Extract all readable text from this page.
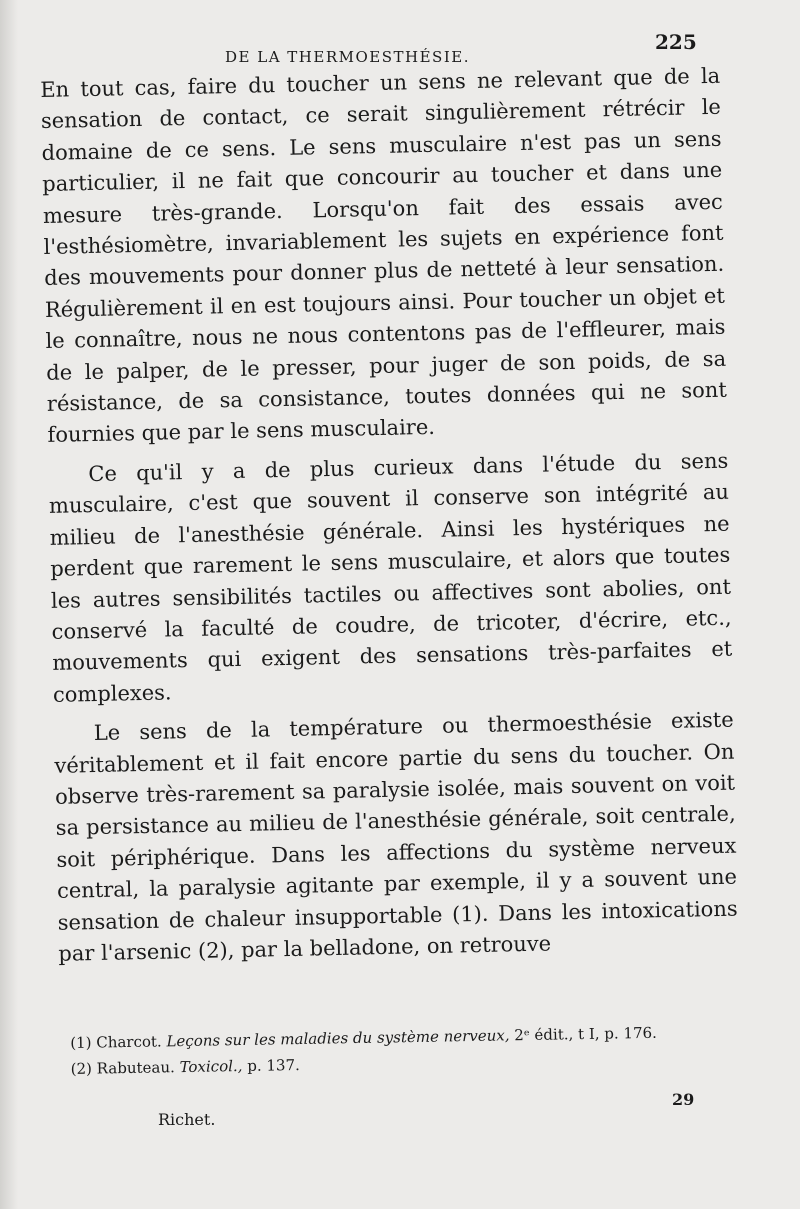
DE LA THERMOESTHÉSIE.
225

En tout cas, faire du toucher un sens ne relevant que de la sensation de contact, ce serait singulièrement rétrécir le domaine de ce sens. Le sens musculaire n'est pas un sens particulier, il ne fait que concourir au toucher et dans une mesure très-grande. Lorsqu'on fait des essais avec l'esthésiomètre, invariablement les sujets en expérience font des mouvements pour donner plus de netteté à leur sensation. Régulièrement il en est toujours ainsi. Pour toucher un objet et le connaître, nous ne nous contentons pas de l'effleurer, mais de le palper, de le presser, pour juger de son poids, de sa résistance, de sa consistance, toutes données qui ne sont fournies que par le sens musculaire.

Ce qu'il y a de plus curieux dans l'étude du sens musculaire, c'est que souvent il conserve son intégrité au milieu de l'anesthésie générale. Ainsi les hystériques ne perdent que rarement le sens musculaire, et alors que toutes les autres sensibilités tactiles ou affectives sont abolies, ont conservé la faculté de coudre, de tricoter, d'écrire, etc., mouvements qui exigent des sensations très-parfaites et complexes.

Le sens de la température ou thermoesthésie existe véritablement et il fait encore partie du sens du toucher. On observe très-rarement sa paralysie isolée, mais souvent on voit sa persistance au milieu de l'anesthésie générale, soit centrale, soit périphérique. Dans les affections du système nerveux central, la paralysie agitante par exemple, il y a souvent une sensation de chaleur insupportable (1). Dans les intoxications par l'arsenic (2), par la belladone, on retrouve

(1) Charcot. Leçons sur les maladies du système nerveux, 2ᵉ édit., t I, p. 176.

(2) Rabuteau. Toxicol., p. 137.

Richet.
29
